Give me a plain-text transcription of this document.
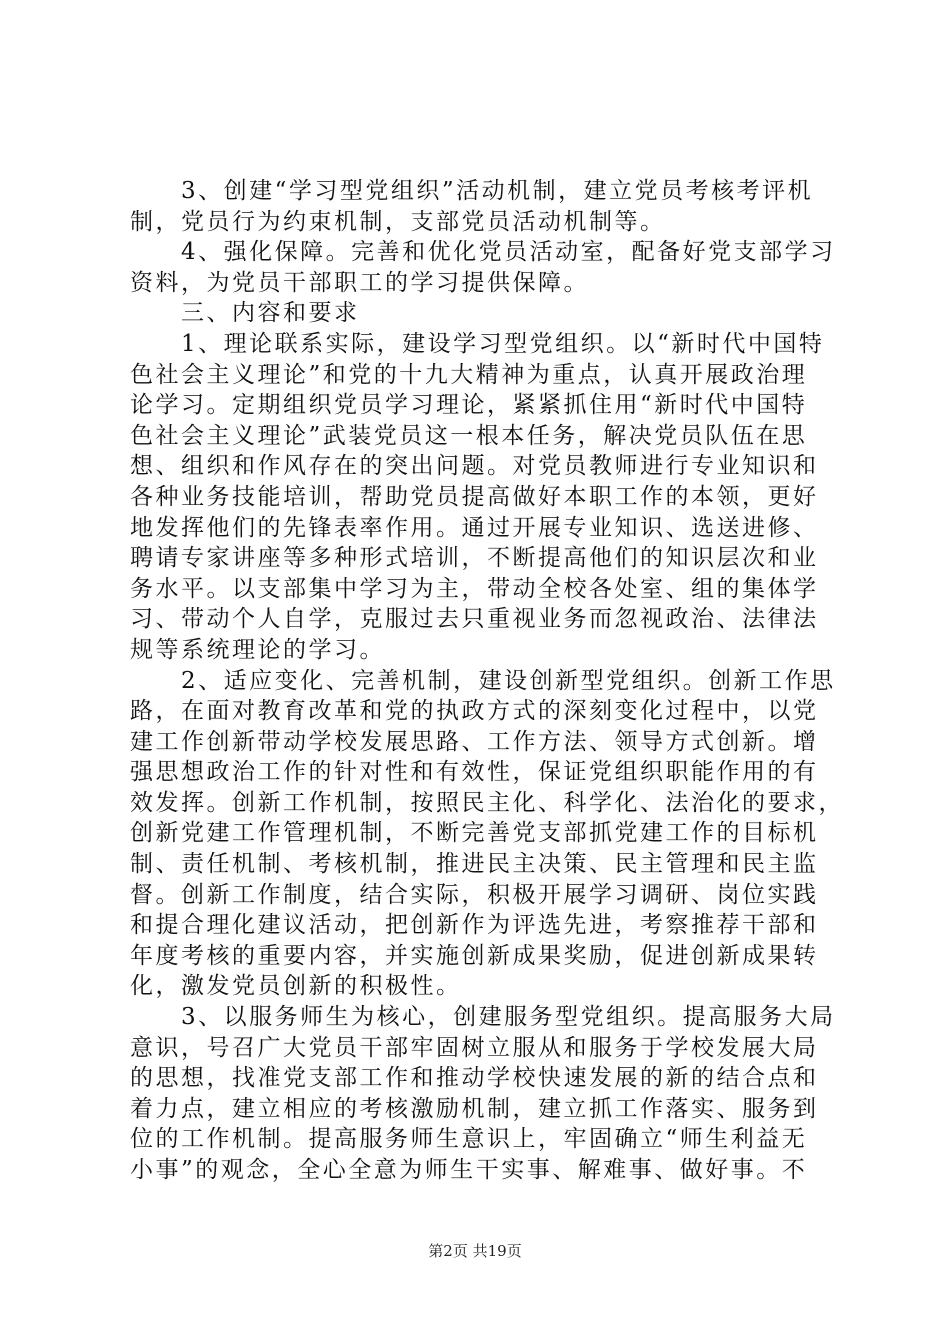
　　3、创建“学习型党组织”活动机制，建立党员考核考评机
制，党员行为约束机制，支部党员活动机制等。
　　4、强化保障。完善和优化党员活动室，配备好党支部学习
资料，为党员干部职工的学习提供保障。
　　三、内容和要求
　　1、理论联系实际，建设学习型党组织。以“新时代中国特
色社会主义理论”和党的十九大精神为重点，认真开展政治理
论学习。定期组织党员学习理论，紧紧抓住用“新时代中国特
色社会主义理论”武装党员这一根本任务，解决党员队伍在思
想、组织和作风存在的突出问题。对党员教师进行专业知识和
各种业务技能培训，帮助党员提高做好本职工作的本领，更好
地发挥他们的先锋表率作用。通过开展专业知识、选送进修、
聘请专家讲座等多种形式培训，不断提高他们的知识层次和业
务水平。以支部集中学习为主，带动全校各处室、组的集体学
习、带动个人自学，克服过去只重视业务而忽视政治、法律法
规等系统理论的学习。
　　2、适应变化、完善机制，建设创新型党组织。创新工作思
路，在面对教育改革和党的执政方式的深刻变化过程中，以党
建工作创新带动学校发展思路、工作方法、领导方式创新。增
强思想政治工作的针对性和有效性，保证党组织职能作用的有
效发挥。创新工作机制，按照民主化、科学化、法治化的要求，
创新党建工作管理机制，不断完善党支部抓党建工作的目标机
制、责任机制、考核机制，推进民主决策、民主管理和民主监
督。创新工作制度，结合实际，积极开展学习调研、岗位实践
和提合理化建议活动，把创新作为评选先进，考察推荐干部和
年度考核的重要内容，并实施创新成果奖励，促进创新成果转
化，激发党员创新的积极性。
　　3、以服务师生为核心，创建服务型党组织。提高服务大局
意识，号召广大党员干部牢固树立服从和服务于学校发展大局
的思想，找准党支部工作和推动学校快速发展的新的结合点和
着力点，建立相应的考核激励机制，建立抓工作落实、服务到
位的工作机制。提高服务师生意识上，牢固确立“师生利益无
小事”的观念，全心全意为师生干实事、解难事、做好事。不
第2页 共19页
